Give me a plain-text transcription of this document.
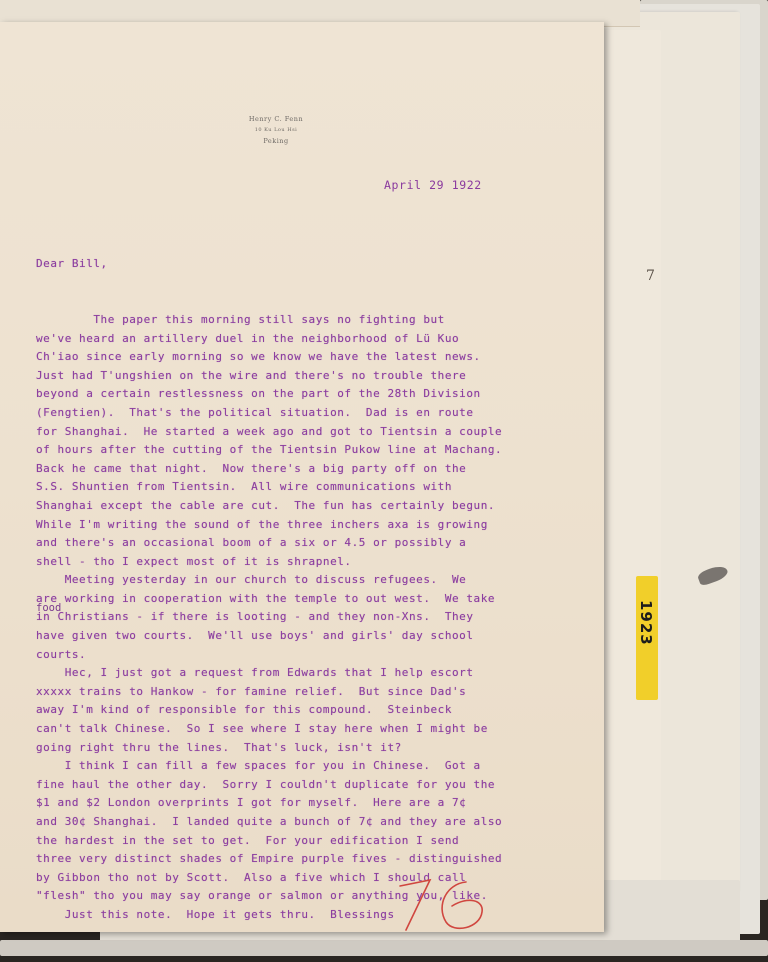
7
1923
Henry C. Fenn
10 Ku Lou Hsi
Peking
April 29 1922

Dear Bill,

The paper this morning still says no fighting but
we've heard an artillery duel in the neighborhood of Lü Kuo
Ch'iao since early morning so we know we have the latest news.
Just had T'ungshien on the wire and there's no trouble there
beyond a certain restlessness on the part of the 28th Division
(Fengtien).  That's the political situation.  Dad is en route
for Shanghai.  He started a week ago and got to Tientsin a couple
of hours after the cutting of the Tientsin Pukow line at Machang.
Back he came that night.  Now there's a big party off on the
S.S. Shuntien from Tientsin.  All wire communications with
Shanghai except the cable are cut.  The fun has certainly begun.
While I'm writing the sound of the three inchers axa is growing
and there's an occasional boom of a six or 4.5 or possibly a
shell - tho I expect most of it is shrapnel.
Meeting yesterday in our church to discuss refugees.  We
are working in cooperation with the temple to out west.  We take
in Christians - if there is looting - and they non-Xns.  They
have given two courts.  We'll use boys' and girls' day school
courts.
Hec, I just got a request from Edwards that I help escort
xxxxx trains to Hankow - for famine relief.  But since Dad's
away I'm kind of responsible for this compound.  Steinbeck
can't talk Chinese.  So I see where I stay here when I might be
going right thru the lines.  That's luck, isn't it?
I think I can fill a few spaces for you in Chinese.  Got a
fine haul the other day.  Sorry I couldn't duplicate for you the
$1 and $2 London overprints I got for myself.  Here are a 7¢
and 30¢ Shanghai.  I landed quite a bunch of 7¢ and they are also
the hardest in the set to get.  For your edification I send
three very distinct shades of Empire purple fives - distinguished
by Gibbon tho not by Scott.  Also a five which I should call
"flesh" tho you may say orange or salmon or anything you, like.
Just this note.  Hope it gets thru.  Blessings

food
76
